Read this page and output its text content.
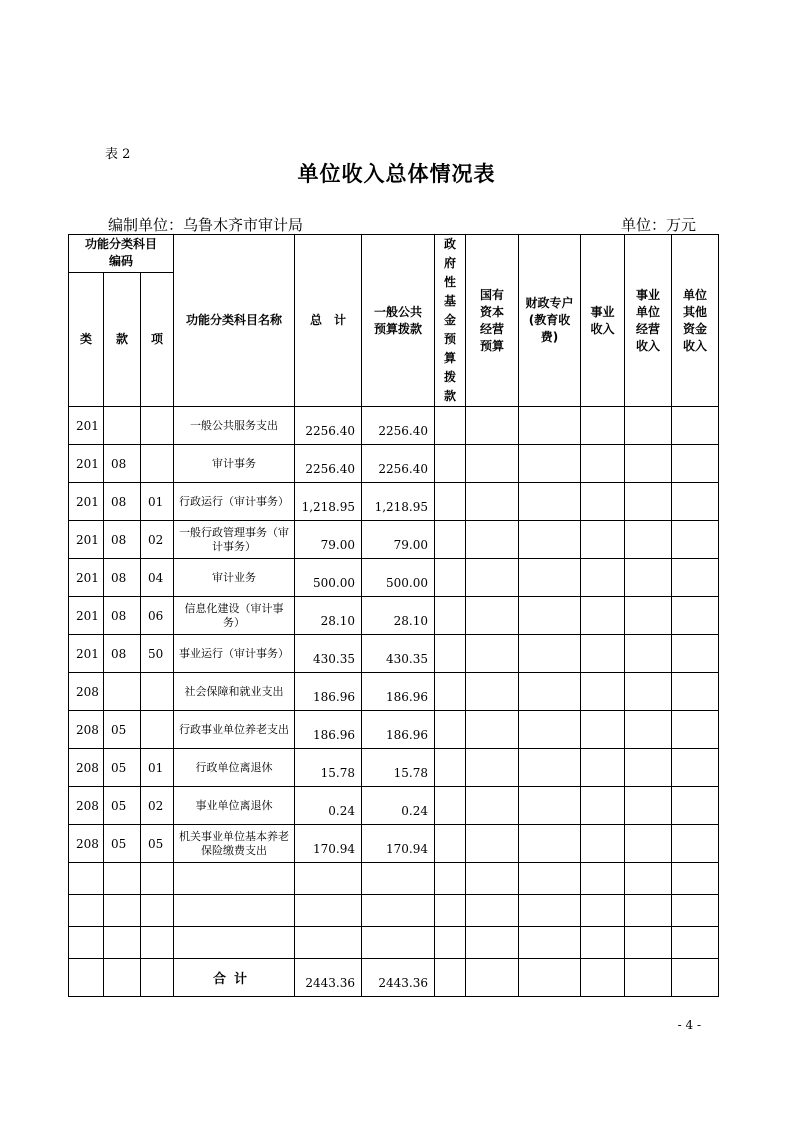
表 2
单位收入总体情况表
编制单位：乌鲁木齐市审计局	单位：万元
功能分类科目编码			功能分类科目名称	总　计	一般公共预算拨款	政府性基金预算拨款	国有资本经营预算	财政专户(教育收费)	事业收入	事业单位经营收入	单位其他资金收入
类	款	项									
201			一般公共服务支出	2256.40	2256.40						
201	08		审计事务	2256.40	2256.40						
201	08	01	行政运行（审计事务）	1,218.95	1,218.95						
201	08	02	一般行政管理事务（审计事务）	79.00	79.00						
201	08	04	审计业务	500.00	500.00						
201	08	06	信息化建设（审计事务）	28.10	28.10						
201	08	50	事业运行（审计事务）	430.35	430.35						
208			社会保障和就业支出	186.96	186.96						
208	05		行政事业单位养老支出	186.96	186.96						
208	05	01	行政单位离退休	15.78	15.78						
208	05	02	事业单位离退休	0.24	0.24						
208	05	05	机关事业单位基本养老保险缴费支出	170.94	170.94						

			合计	2443.36	2443.36						
- 4 -
